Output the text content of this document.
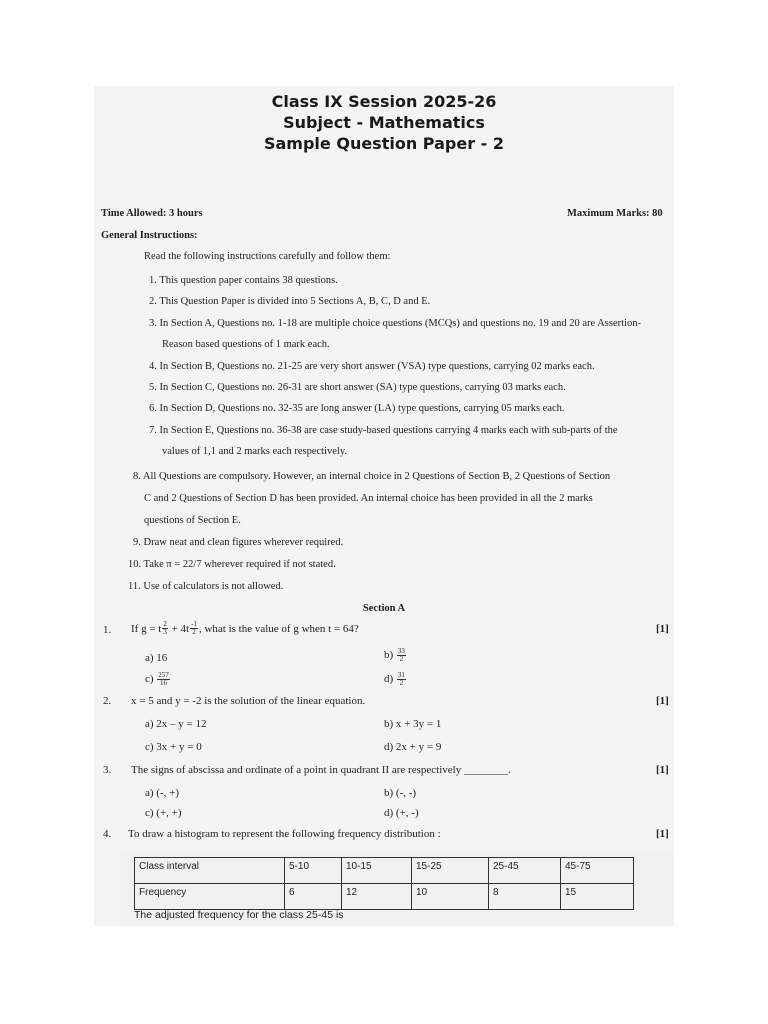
Class IX Session 2025-26
Subject - Mathematics
Sample Question Paper - 2
Time Allowed: 3 hours	Maximum Marks: 80
General Instructions:
Read the following instructions carefully and follow them:
1. This question paper contains 38 questions.
2. This Question Paper is divided into 5 Sections A, B, C, D and E.
3. In Section A, Questions no. 1-18 are multiple choice questions (MCQs) and questions no. 19 and 20 are Assertion-
Reason based questions of 1 mark each.
4. In Section B, Questions no. 21-25 are very short answer (VSA) type questions, carrying 02 marks each.
5. In Section C, Questions no. 26-31 are short answer (SA) type questions, carrying 03 marks each.
6. In Section D, Questions no. 32-35 are long answer (LA) type questions, carrying 05 marks each.
7. In Section E, Questions no. 36-38 are case study-based questions carrying 4 marks each with sub-parts of the
values of 1,1 and 2 marks each respectively.
8. All Questions are compulsory. However, an internal choice in 2 Questions of Section B, 2 Questions of Section
C and 2 Questions of Section D has been provided. An internal choice has been provided in all the 2 marks
questions of Section E.
9. Draw neat and clean figures wherever required.
10. Take π = 22/7 wherever required if not stated.
11. Use of calculators is not allowed.
Section A
1. If g = t $\frac{2}{3} + 4t \frac{-1}{2}$ , what is the value of g when t = 64?	[1]
a) 16	$b) \frac{33}{2}$
$c) \frac{257}{16}$	$d) \frac{31}{2}$
2. x = 5 and y = -2 is the solution of the linear equation.	[1]
a) 2x – y = 12	b) x + 3y = 1
c) 3x + y = 0	d) 2x + y = 9
3. The signs of abscissa and ordinate of a point in quadrant II are respectively ________.	[1]
a) (-, +)	b) (-, -)
c) (+, +)	d) (+, -)
4. To draw a histogram to represent the following frequency distribution :	[1]
Class interval	5-10	10-15	15-25	25-45	45-75
Frequency	6	12	10	8	15
The adjusted frequency for the class 25-45 is
